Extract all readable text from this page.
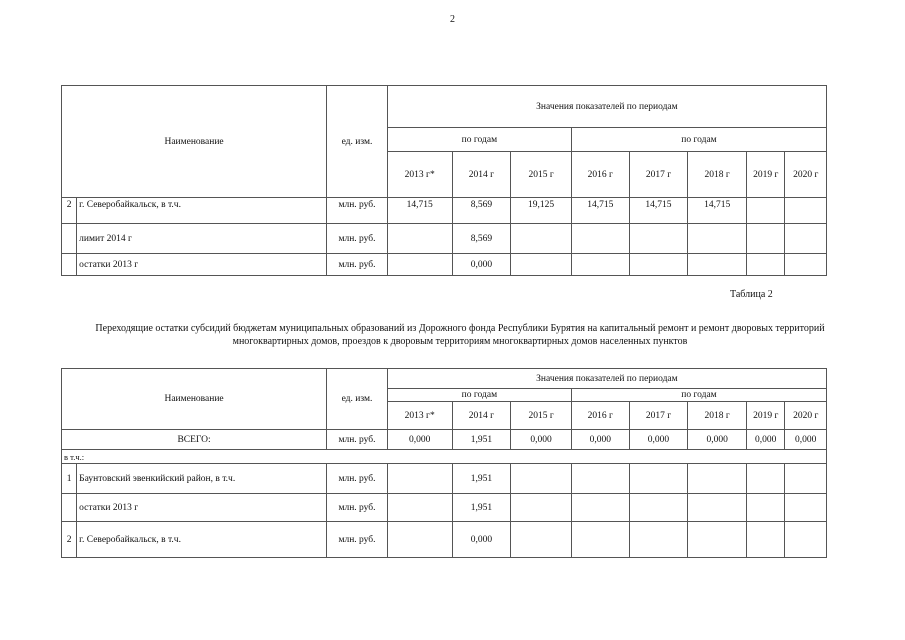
2
Наименование		ед. изм.	Значения показателей по периодам							
			по годам			по годам				
			2013 г*	2014 г	2015 г	2016 г	2017 г	2018 г	2019 г	2020 г
2	г. Северобайкальск, в т.ч.	млн. руб.	14,715	8,569	19,125	14,715	14,715	14,715		
	лимит 2014 г	млн. руб.		8,569						
	остатки 2013 г	млн. руб.		0,000						
Таблица 2
Переходящие остатки субсидий бюджетам муниципальных образований из Дорожного фонда Республики Бурятия на капитальный ремонт и ремонт дворовых территорий многоквартирных домов, проездов к дворовым территориям многоквартирных домов населенных пунктов
Наименование		ед. изм.	Значения показателей по периодам							
			по годам			по годам				
			2013 г*	2014 г	2015 г	2016 г	2017 г	2018 г	2019 г	2020 г
ВСЕГО:		млн. руб.	0,000	1,951	0,000	0,000	0,000	0,000	0,000	0,000
в т.ч.:										
1	Баунтовский эвенкийский район, в т.ч.	млн. руб.		1,951						
	остатки 2013 г	млн. руб.		1,951						
2	г. Северобайкальск, в т.ч.	млн. руб.		0,000						
